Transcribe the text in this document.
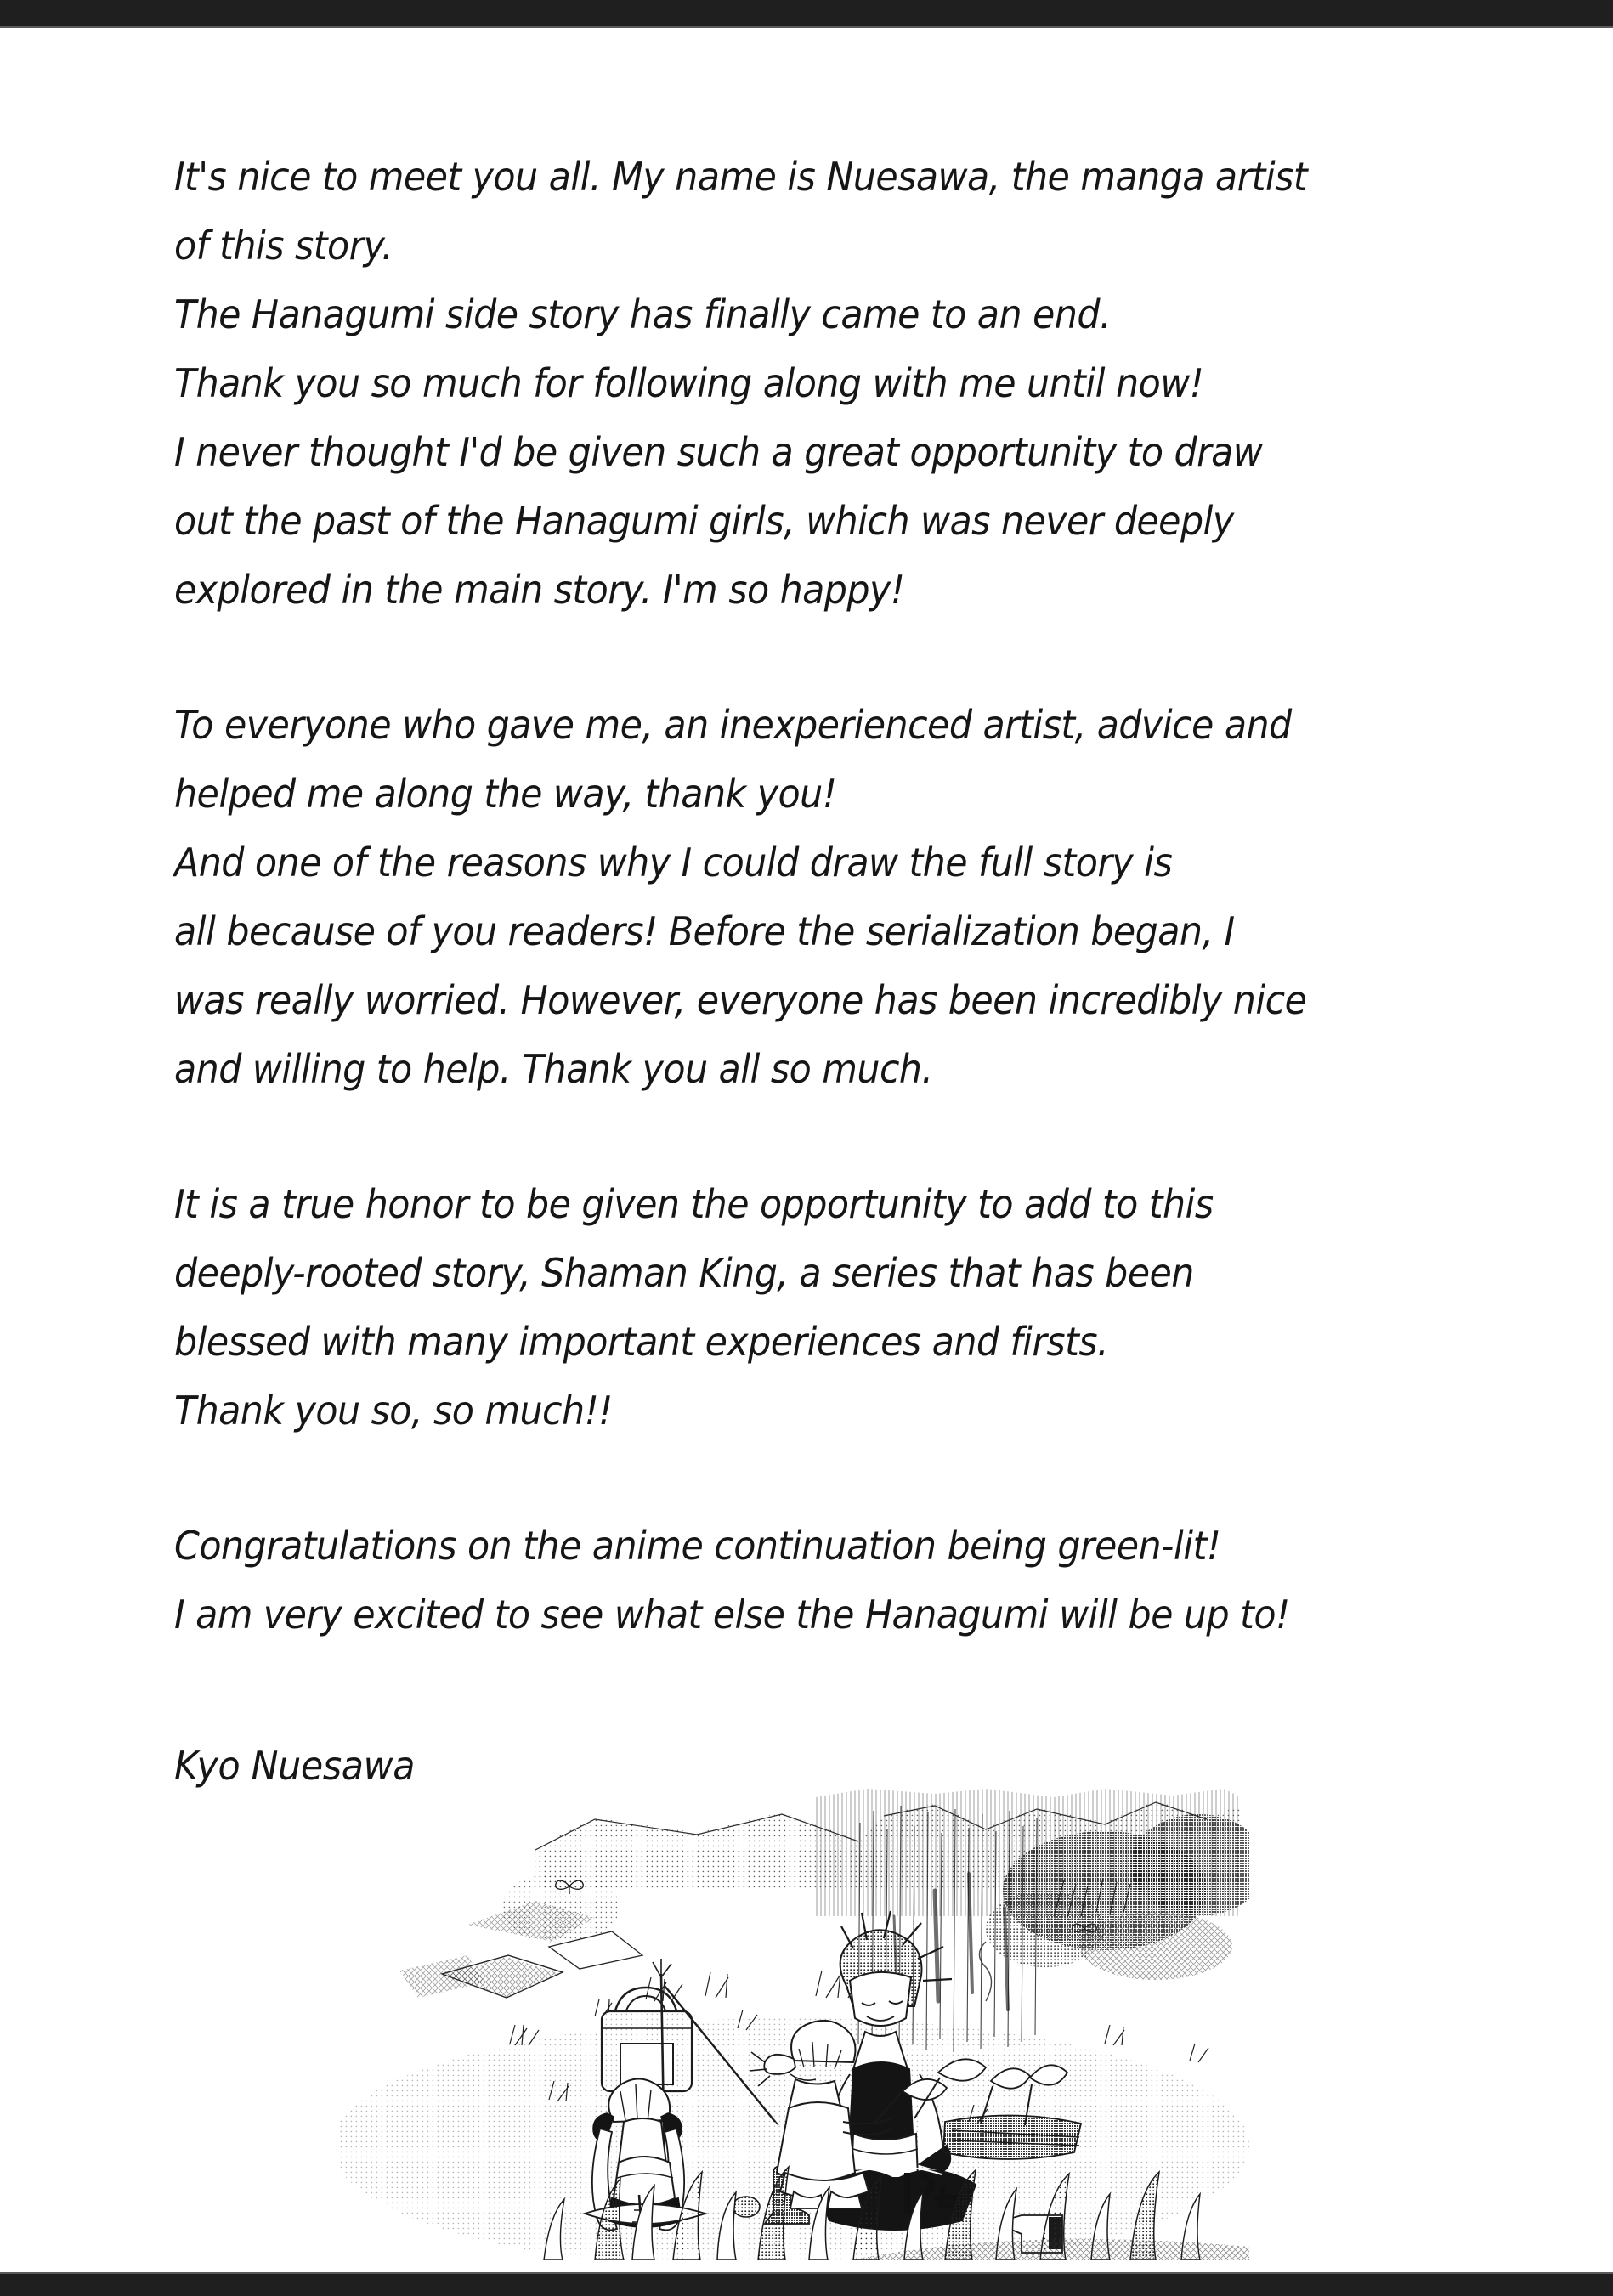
It's nice to meet you all. My name is Nuesawa, the manga artist
of this story.
The Hanagumi side story has finally came to an end.
Thank you so much for following along with me until now!
I never thought I'd be given such a great opportunity to draw
out the past of the Hanagumi girls, which was never deeply
explored in the main story. I'm so happy!
To everyone who gave me, an inexperienced artist, advice and
helped me along the way, thank you!
And one of the reasons why I could draw the full story is
all because of you readers! Before the serialization began, I
was really worried. However, everyone has been incredibly nice
and willing to help. Thank you all so much.
It is a true honor to be given the opportunity to add to this
deeply-rooted story, Shaman King, a series that has been
blessed with many important experiences and firsts.
Thank you so, so much!!
Congratulations on the anime continuation being green-lit!
I am very excited to see what else the Hanagumi will be up to!
Kyo Nuesawa
